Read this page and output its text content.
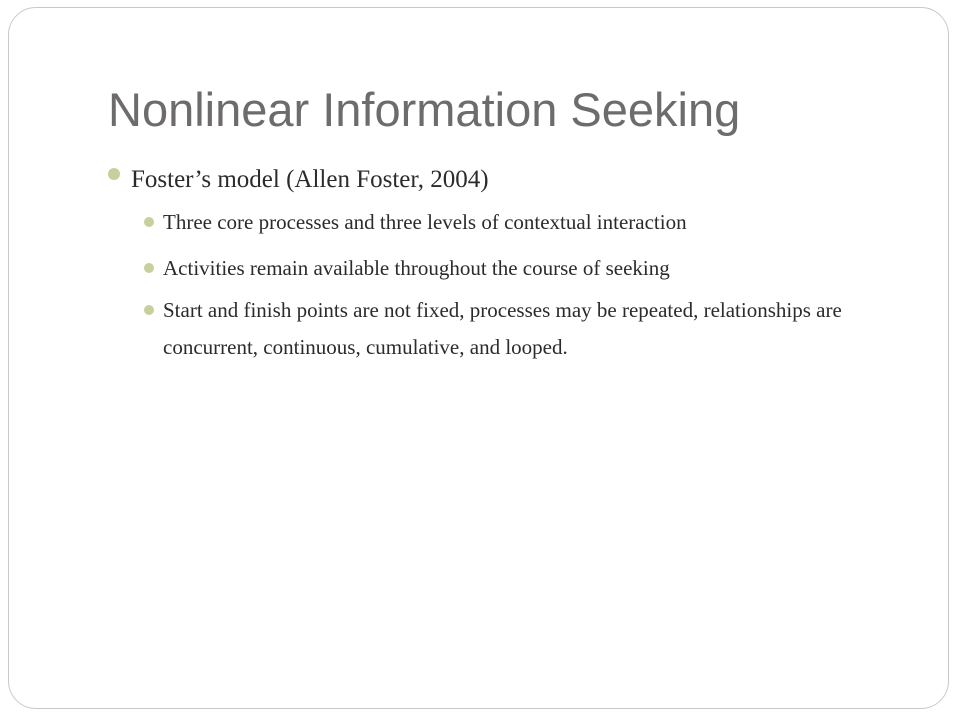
Nonlinear Information Seeking
Foster’s model (Allen Foster, 2004)
Three core processes and three levels of contextual interaction
Activities remain available throughout the course of seeking
Start and finish points are not fixed, processes may be repeated, relationships are concurrent, continuous, cumulative, and looped.
